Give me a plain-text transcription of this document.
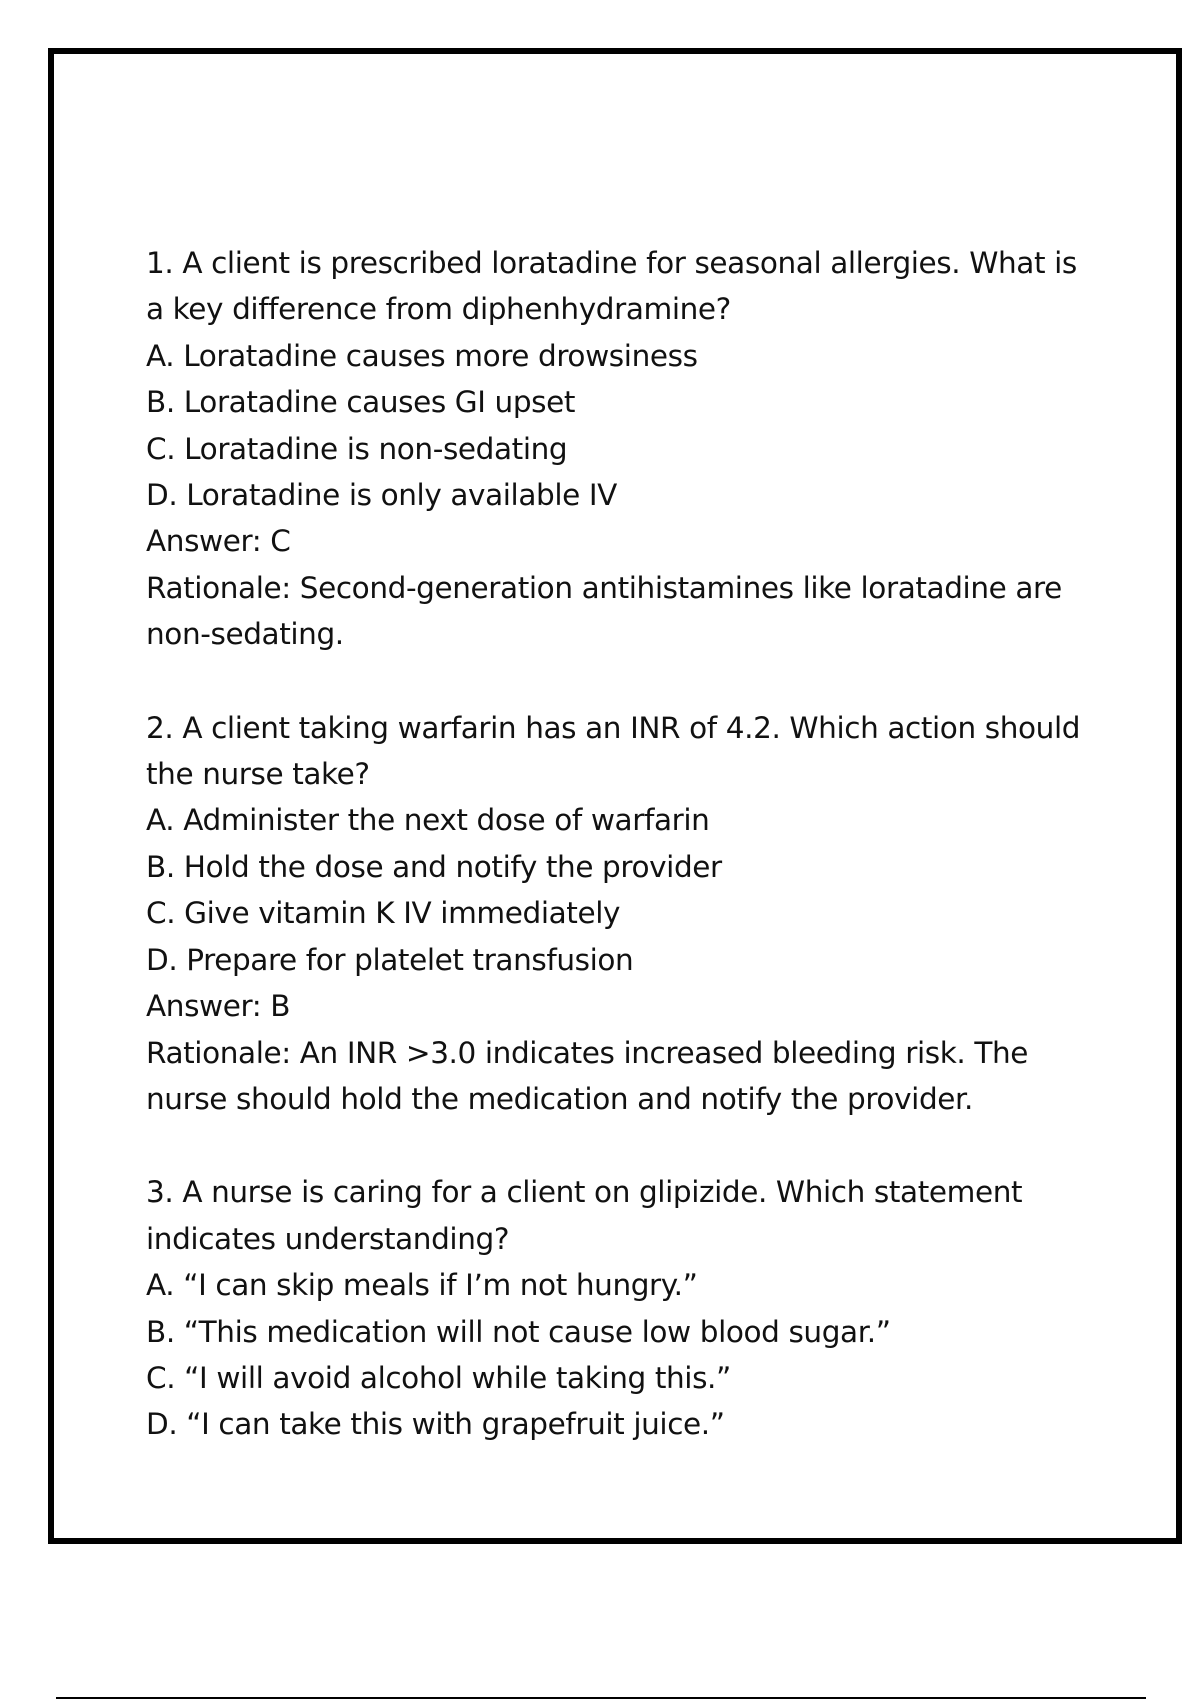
1. A client is prescribed loratadine for seasonal allergies. What is a key difference from diphenhydramine?
A. Loratadine causes more drowsiness
B. Loratadine causes GI upset
C. Loratadine is non-sedating
D. Loratadine is only available IV
Answer: C
Rationale: Second-generation antihistamines like loratadine are non-sedating.
2. A client taking warfarin has an INR of 4.2. Which action should the nurse take?
A. Administer the next dose of warfarin
B. Hold the dose and notify the provider
C. Give vitamin K IV immediately
D. Prepare for platelet transfusion
Answer: B
Rationale: An INR >3.0 indicates increased bleeding risk. The nurse should hold the medication and notify the provider.
3. A nurse is caring for a client on glipizide. Which statement indicates understanding?
A. “I can skip meals if I’m not hungry.”
B. “This medication will not cause low blood sugar.”
C. “I will avoid alcohol while taking this.”
D. “I can take this with grapefruit juice.”
